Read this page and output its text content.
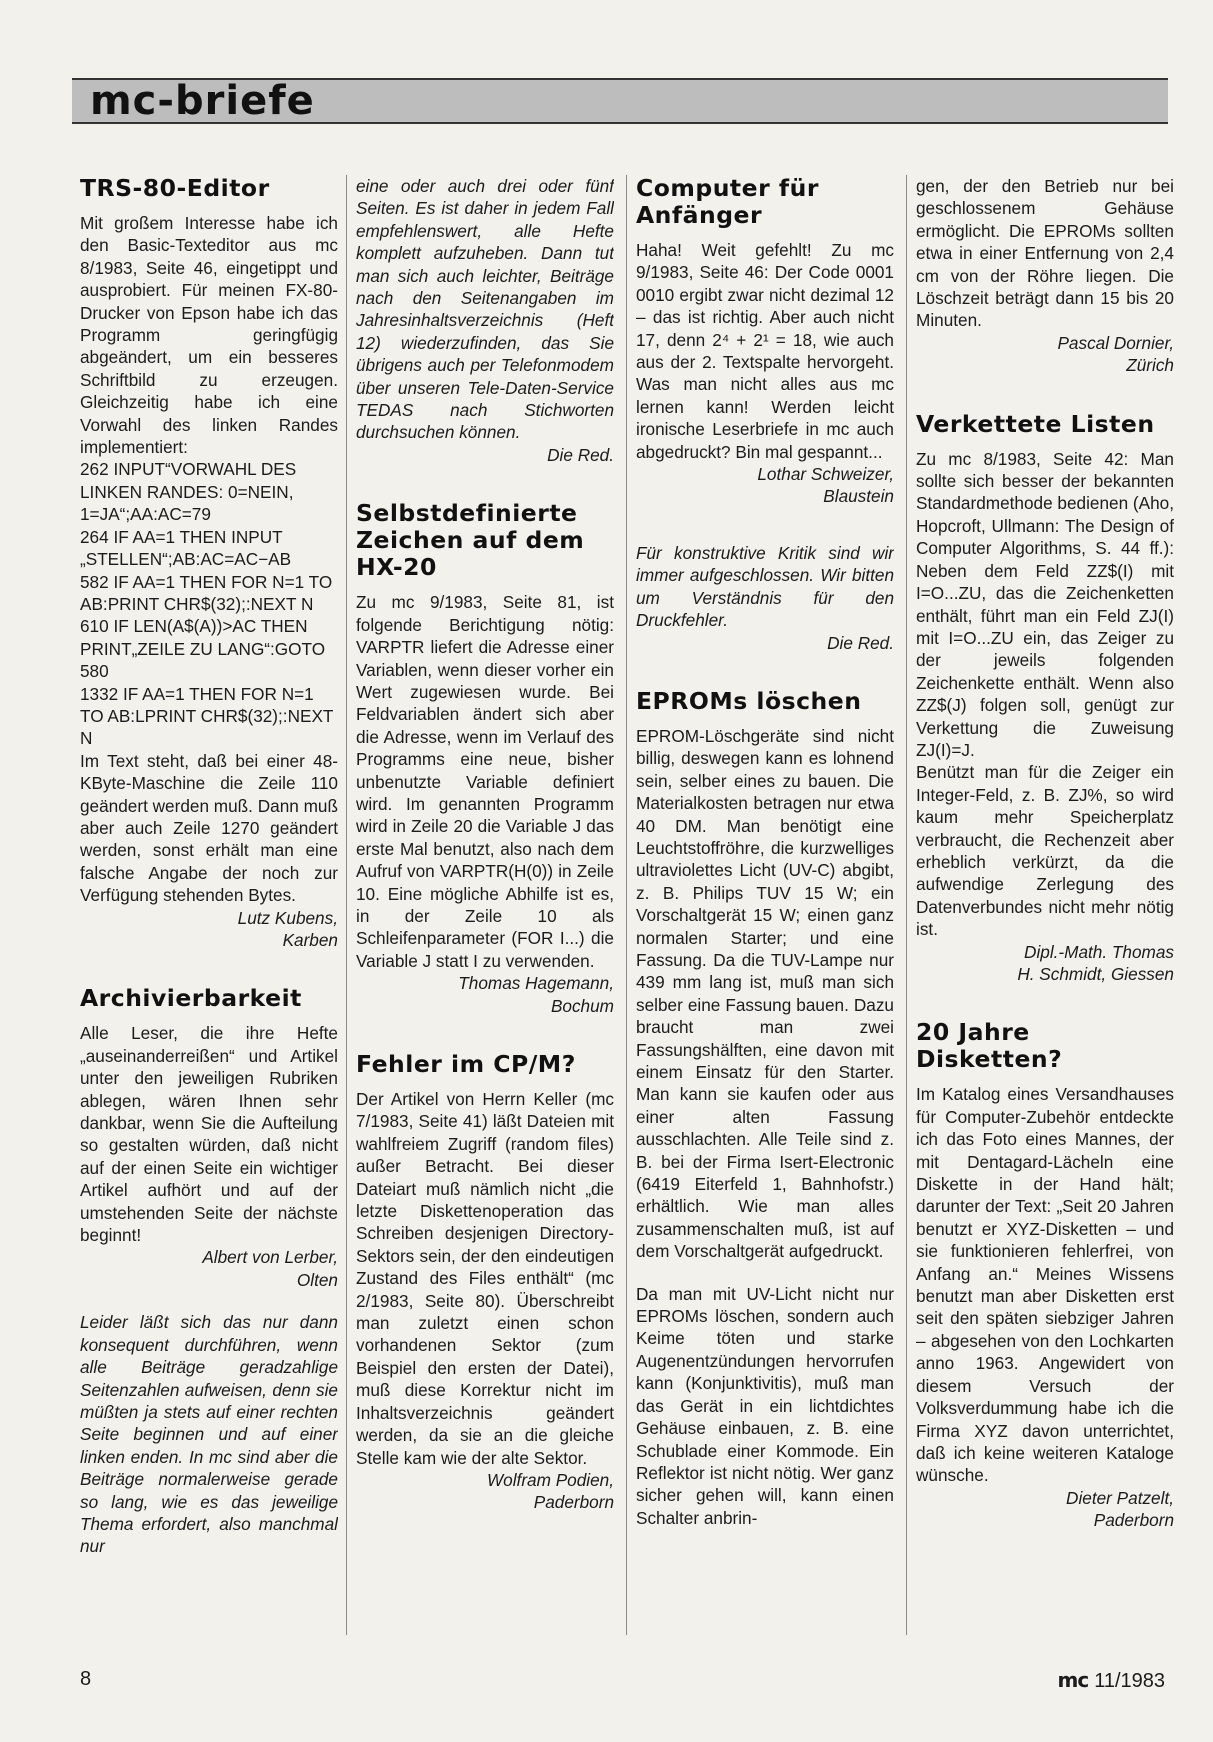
mc-briefe
TRS-80-Editor

Mit großem Interesse habe ich den Basic-Texteditor aus mc 8/1983, Seite 46, eingetippt und ausprobiert. Für meinen FX-80-Drucker von Epson habe ich das Programm geringfügig abgeändert, um ein besseres Schriftbild zu erzeugen. Gleichzeitig habe ich eine Vorwahl des linken Randes implementiert:

262 INPUT“VORWAHL DES LINKEN RANDES: 0=NEIN, 1=JA“;AA:AC=79
264 IF AA=1 THEN INPUT „STELLEN“;AB:AC=AC−AB
582 IF AA=1 THEN FOR N=1 TO AB:PRINT CHR$(32);:NEXT N
610 IF LEN(A$(A))>AC THEN PRINT„ZEILE ZU LANG“:GOTO 580
1332 IF AA=1 THEN FOR N=1 TO AB:LPRINT CHR$(32);:NEXT N

Im Text steht, daß bei einer 48-KByte-Maschine die Zeile 110 geändert werden muß. Dann muß aber auch Zeile 1270 geändert werden, sonst erhält man eine falsche Angabe der noch zur Verfügung stehenden Bytes.

Lutz Kubens,

Karben

Archivierbarkeit

Alle Leser, die ihre Hefte „auseinanderreißen“ und Artikel unter den jeweiligen Rubriken ablegen, wären Ihnen sehr dankbar, wenn Sie die Aufteilung so gestalten würden, daß nicht auf der einen Seite ein wichtiger Artikel aufhört und auf der umstehenden Seite der nächste beginnt!

Albert von Lerber,

Olten

Leider läßt sich das nur dann konsequent durchführen, wenn alle Beiträge geradzahlige Seitenzahlen aufweisen, denn sie müßten ja stets auf einer rechten Seite beginnen und auf einer linken enden. In mc sind aber die Beiträge normalerweise gerade so lang, wie es das jeweilige Thema erfordert, also manchmal nur

eine oder auch drei oder fünf Seiten. Es ist daher in jedem Fall empfehlenswert, alle Hefte komplett aufzuheben. Dann tut man sich auch leichter, Beiträge nach den Seitenangaben im Jahresinhaltsverzeichnis (Heft 12) wiederzufinden, das Sie übrigens auch per Telefonmodem über unseren Tele-Daten-Service TEDAS nach Stichworten durchsuchen können.

Die Red.

Selbstdefinierte Zeichen auf dem HX-20

Zu mc 9/1983, Seite 81, ist folgende Berichtigung nötig: VARPTR liefert die Adresse einer Variablen, wenn dieser vorher ein Wert zugewiesen wurde. Bei Feldvariablen ändert sich aber die Adresse, wenn im Verlauf des Programms eine neue, bisher unbenutzte Variable definiert wird. Im genannten Programm wird in Zeile 20 die Variable J das erste Mal benutzt, also nach dem Aufruf von VARPTR(H(0)) in Zeile 10. Eine mögliche Abhilfe ist es, in der Zeile 10 als Schleifenparameter (FOR I...) die Variable J statt I zu verwenden.

Thomas Hagemann,

Bochum

Fehler im CP/M?

Der Artikel von Herrn Keller (mc 7/1983, Seite 41) läßt Dateien mit wahlfreiem Zugriff (random files) außer Betracht. Bei dieser Dateiart muß nämlich nicht „die letzte Diskettenoperation das Schreiben desjenigen Directory-Sektors sein, der den eindeutigen Zustand des Files enthält“ (mc 2/1983, Seite 80). Überschreibt man zuletzt einen schon vorhandenen Sektor (zum Beispiel den ersten der Datei), muß diese Korrektur nicht im Inhaltsverzeichnis geändert werden, da sie an die gleiche Stelle kam wie der alte Sektor.

Wolfram Podien,

Paderborn

Computer für Anfänger

Haha! Weit gefehlt! Zu mc 9/1983, Seite 46: Der Code 0001 0010 ergibt zwar nicht dezimal 12 – das ist richtig. Aber auch nicht 17, denn 2⁴ + 2¹ = 18, wie auch aus der 2. Textspalte hervorgeht. Was man nicht alles aus mc lernen kann! Werden leicht ironische Leserbriefe in mc auch abgedruckt? Bin mal gespannt...

Lothar Schweizer,

Blaustein

Für konstruktive Kritik sind wir immer aufgeschlossen. Wir bitten um Verständnis für den Druckfehler.

Die Red.

EPROMs löschen

EPROM-Löschgeräte sind nicht billig, deswegen kann es lohnend sein, selber eines zu bauen. Die Materialkosten betragen nur etwa 40 DM. Man benötigt eine Leuchtstoffröhre, die kurzwelliges ultraviolettes Licht (UV-C) abgibt, z. B. Philips TUV 15 W; ein Vorschaltgerät 15 W; einen ganz normalen Starter; und eine Fassung. Da die TUV-Lampe nur 439 mm lang ist, muß man sich selber eine Fassung bauen. Dazu braucht man zwei Fassungshälften, eine davon mit einem Einsatz für den Starter. Man kann sie kaufen oder aus einer alten Fassung ausschlachten. Alle Teile sind z. B. bei der Firma Isert-Electronic (6419 Eiterfeld 1, Bahnhofstr.) erhältlich. Wie man alles zusammenschalten muß, ist auf dem Vorschaltgerät aufgedruckt.

Da man mit UV-Licht nicht nur EPROMs löschen, sondern auch Keime töten und starke Augenentzündungen hervorrufen kann (Konjunktivitis), muß man das Gerät in ein lichtdichtes Gehäuse einbauen, z. B. eine Schublade einer Kommode. Ein Reflektor ist nicht nötig. Wer ganz sicher gehen will, kann einen Schalter anbrin-

gen, der den Betrieb nur bei geschlossenem Gehäuse ermöglicht. Die EPROMs sollten etwa in einer Entfernung von 2,4 cm von der Röhre liegen. Die Löschzeit beträgt dann 15 bis 20 Minuten.

Pascal Dornier,

Zürich

Verkettete Listen

Zu mc 8/1983, Seite 42: Man sollte sich besser der bekannten Standardmethode bedienen (Aho, Hopcroft, Ullmann: The Design of Computer Algorithms, S. 44 ff.): Neben dem Feld ZZ$(I) mit I=O...ZU, das die Zeichenketten enthält, führt man ein Feld ZJ(I) mit I=O...ZU ein, das Zeiger zu der jeweils folgenden Zeichenkette enthält. Wenn also ZZ$(J) folgen soll, genügt zur Verkettung die Zuweisung ZJ(I)=J.

Benützt man für die Zeiger ein Integer-Feld, z. B. ZJ%, so wird kaum mehr Speicherplatz verbraucht, die Rechenzeit aber erheblich verkürzt, da die aufwendige Zerlegung des Datenverbundes nicht mehr nötig ist.

Dipl.-Math. Thomas

H. Schmidt, Giessen

20 Jahre Disketten?

Im Katalog eines Versandhauses für Computer-Zubehör entdeckte ich das Foto eines Mannes, der mit Dentagard-Lächeln eine Diskette in der Hand hält; darunter der Text: „Seit 20 Jahren benutzt er XYZ-Disketten – und sie funktionieren fehlerfrei, von Anfang an.“ Meines Wissens benutzt man aber Disketten erst seit den späten siebziger Jahren – abgesehen von den Lochkarten anno 1963. Angewidert von diesem Versuch der Volksverdummung habe ich die Firma XYZ davon unterrichtet, daß ich keine weiteren Kataloge wünsche.

Dieter Patzelt,

Paderborn

8	mc 11/1983
